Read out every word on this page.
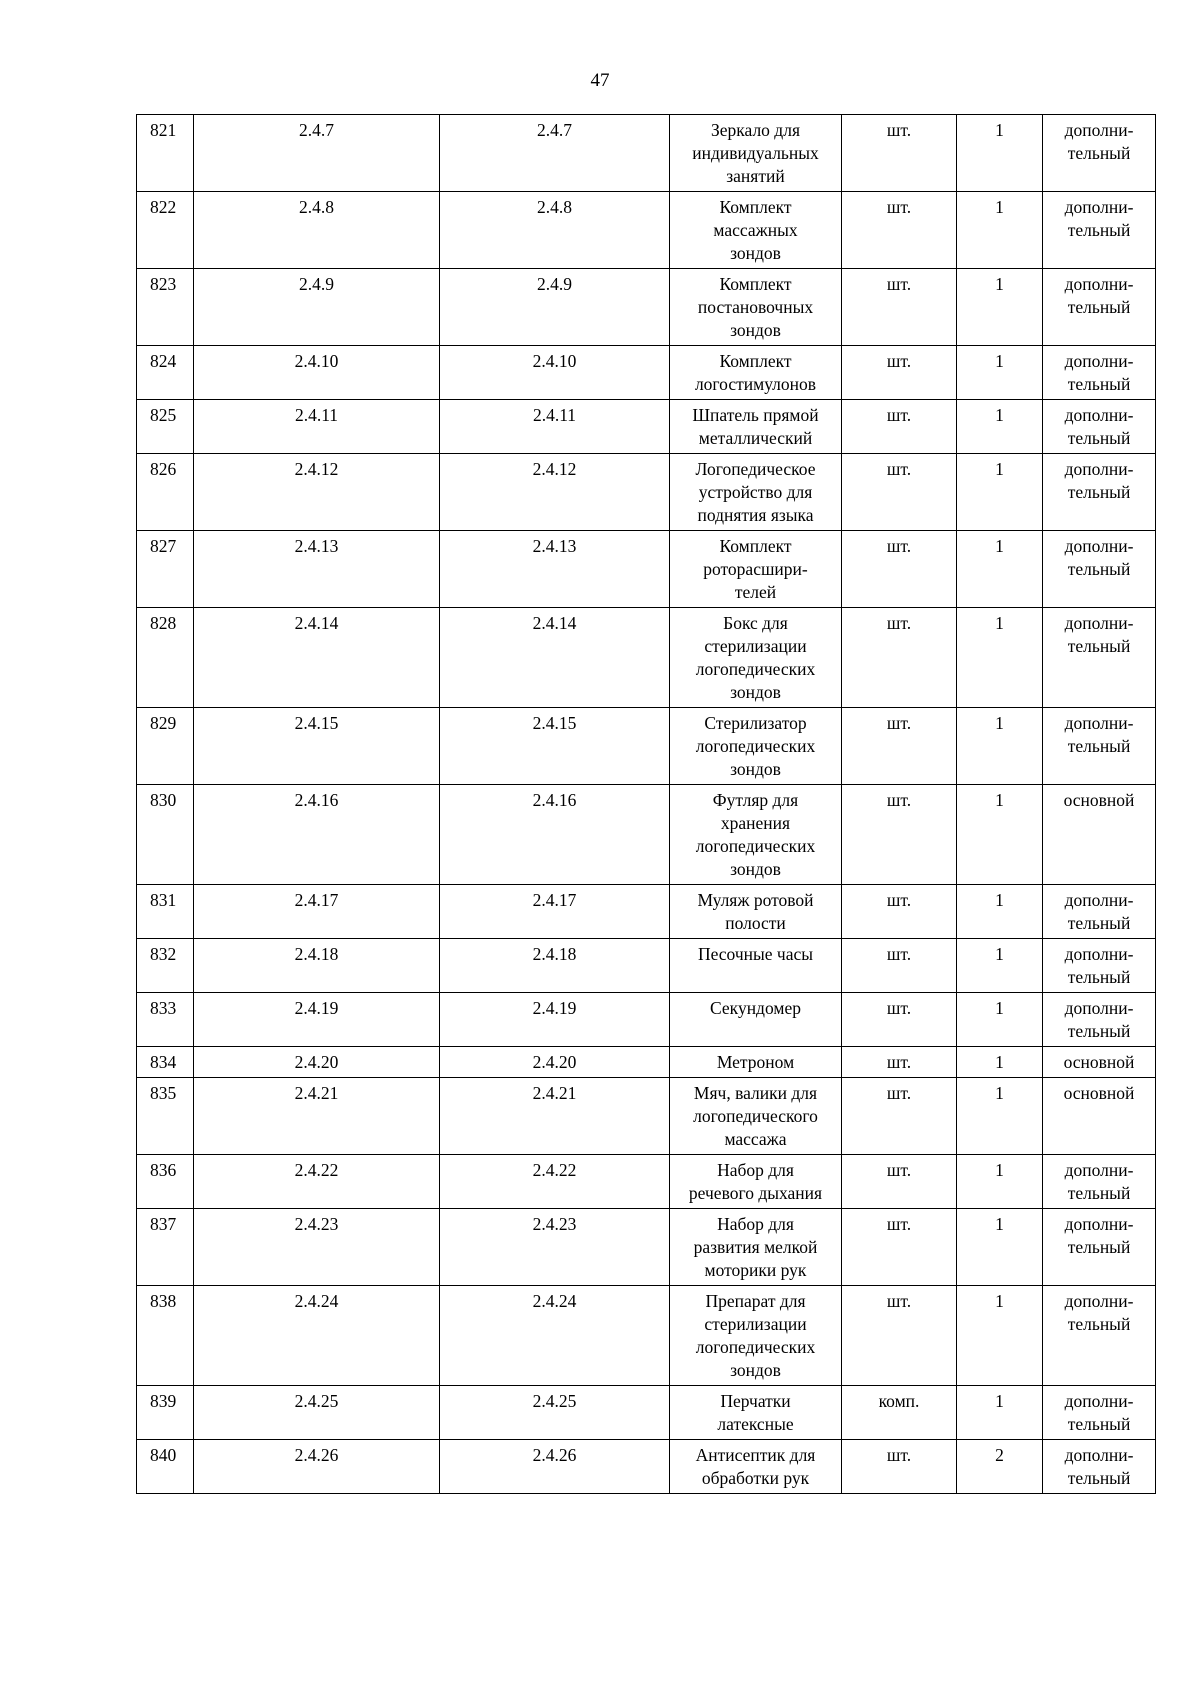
47
821	2.4.7	2.4.7	Зеркало для
индивидуальных
занятий	шт.	1	дополни-
тельный

822	2.4.8	2.4.8	Комплект
массажных
зондов	шт.	1	дополни-
тельный

823	2.4.9	2.4.9	Комплект
постановочных
зондов	шт.	1	дополни-
тельный

824	2.4.10	2.4.10	Комплект
логостимулонов	шт.	1	дополни-
тельный

825	2.4.11	2.4.11	Шпатель прямой
металлический	шт.	1	дополни-
тельный

826	2.4.12	2.4.12	Логопедическое
устройство для
поднятия языка	шт.	1	дополни-
тельный

827	2.4.13	2.4.13	Комплект
роторасшири-
телей	шт.	1	дополни-
тельный

828	2.4.14	2.4.14	Бокс для
стерилизации
логопедических
зондов	шт.	1	дополни-
тельный

829	2.4.15	2.4.15	Стерилизатор
логопедических
зондов	шт.	1	дополни-
тельный

830	2.4.16	2.4.16	Футляр для
хранения
логопедических
зондов	шт.	1	основной

831	2.4.17	2.4.17	Муляж ротовой
полости	шт.	1	дополни-
тельный

832	2.4.18	2.4.18	Песочные часы	шт.	1	дополни-
тельный

833	2.4.19	2.4.19	Секундомер	шт.	1	дополни-
тельный

834	2.4.20	2.4.20	Метроном	шт.	1	основной

835	2.4.21	2.4.21	Мяч, валики для
логопедического
массажа	шт.	1	основной

836	2.4.22	2.4.22	Набор для
речевого дыхания	шт.	1	дополни-
тельный

837	2.4.23	2.4.23	Набор для
развития мелкой
моторики рук	шт.	1	дополни-
тельный

838	2.4.24	2.4.24	Препарат для
стерилизации
логопедических
зондов	шт.	1	дополни-
тельный

839	2.4.25	2.4.25	Перчатки
латексные	комп.	1	дополни-
тельный

840	2.4.26	2.4.26	Антисептик для
обработки рук	шт.	2	дополни-
тельный
